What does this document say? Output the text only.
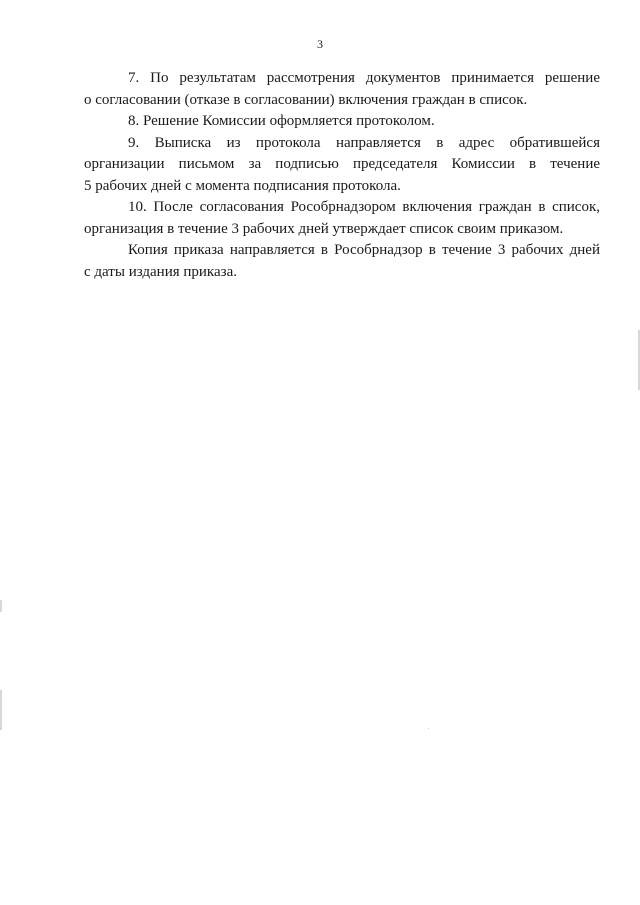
3
7. По результатам рассмотрения документов принимается решение
о согласовании (отказе в согласовании) включения граждан в список.
8. Решение Комиссии оформляется протоколом.
9. Выписка из протокола направляется в адрес обратившейся
организации письмом за подписью председателя Комиссии в течение
5 рабочих дней с момента подписания протокола.
10. После согласования Рособрнадзором включения граждан в список,
организация в течение 3 рабочих дней утверждает список своим приказом.
Копия приказа направляется в Рособрнадзор в течение 3 рабочих дней
с даты издания приказа.
